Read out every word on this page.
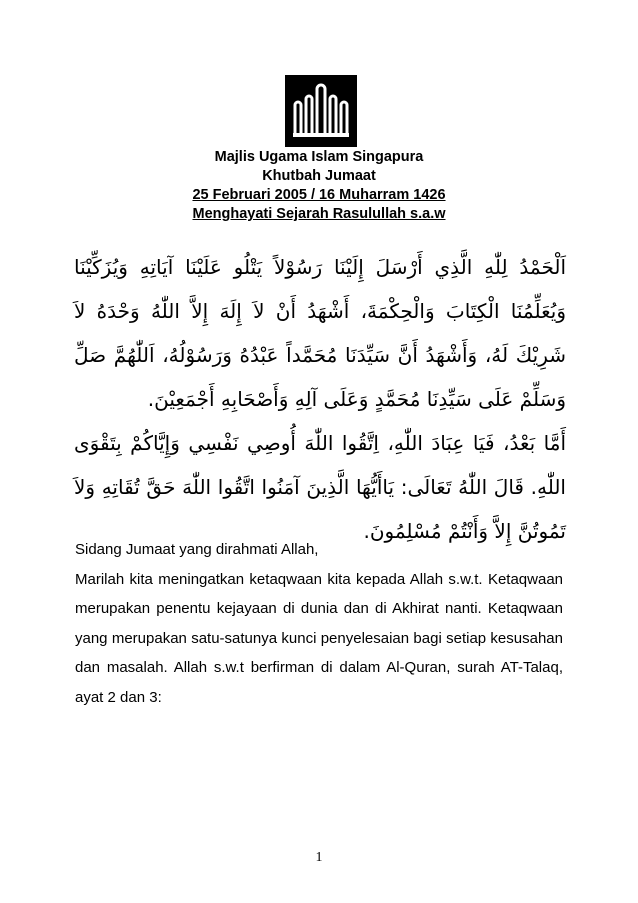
Majlis Ugama Islam Singapura
Khutbah Jumaat
25 Februari 2005 / 16 Muharram 1426
Menghayati Sejarah Rasulullah s.a.w

اَلْحَمْدُ لِلّٰهِ الَّذِي أَرْسَلَ إِلَيْنَا رَسُوْلاً يَتْلُو عَلَيْنَا آيَاتِهِ وَيُزَكِّيْنَا وَيُعَلِّمُنَا الْكِتَابَ وَالْحِكْمَةَ، أَشْهَدُ أَنْ لاَ إِلَهَ إِلاَّ اللّٰهُ وَحْدَهُ لاَ شَرِيْكَ لَهُ، وَأَشْهَدُ أَنَّ سَيِّدَنَا مُحَمَّداً عَبْدُهُ وَرَسُوْلُهُ، اَللّٰهُمَّ صَلِّ وَسَلِّمْ عَلَى سَيِّدِنَا مُحَمَّدٍ وَعَلَى آلِهِ وَأَصْحَابِهِ أَجْمَعِيْنَ.

أَمَّا بَعْدُ، فَيَا عِبَادَ اللّٰهِ، اِتَّقُوا اللّٰهَ أُوصِي نَفْسِي وَإِيَّاكُمْ بِتَقْوَى اللّٰهِ. قَالَ اللّٰهُ تَعَالَى: يَاأَيُّهَا الَّذِينَ آمَنُوا اتَّقُوا اللّٰهَ حَقَّ تُقَاتِهِ وَلاَ تَمُوتُنَّ إِلاَّ وَأَنْتُمْ مُسْلِمُونَ.

Sidang Jumaat yang dirahmati Allah,

Marilah kita meningatkan ketaqwaan kita kepada Allah s.w.t. Ketaqwaan merupakan penentu kejayaan di dunia dan di Akhirat nanti. Ketaqwaan yang merupakan satu-satunya kunci penyelesaian bagi setiap kesusahan dan masalah. Allah s.w.t berfirman di dalam Al-Quran, surah AT-Talaq, ayat 2 dan 3:

1
